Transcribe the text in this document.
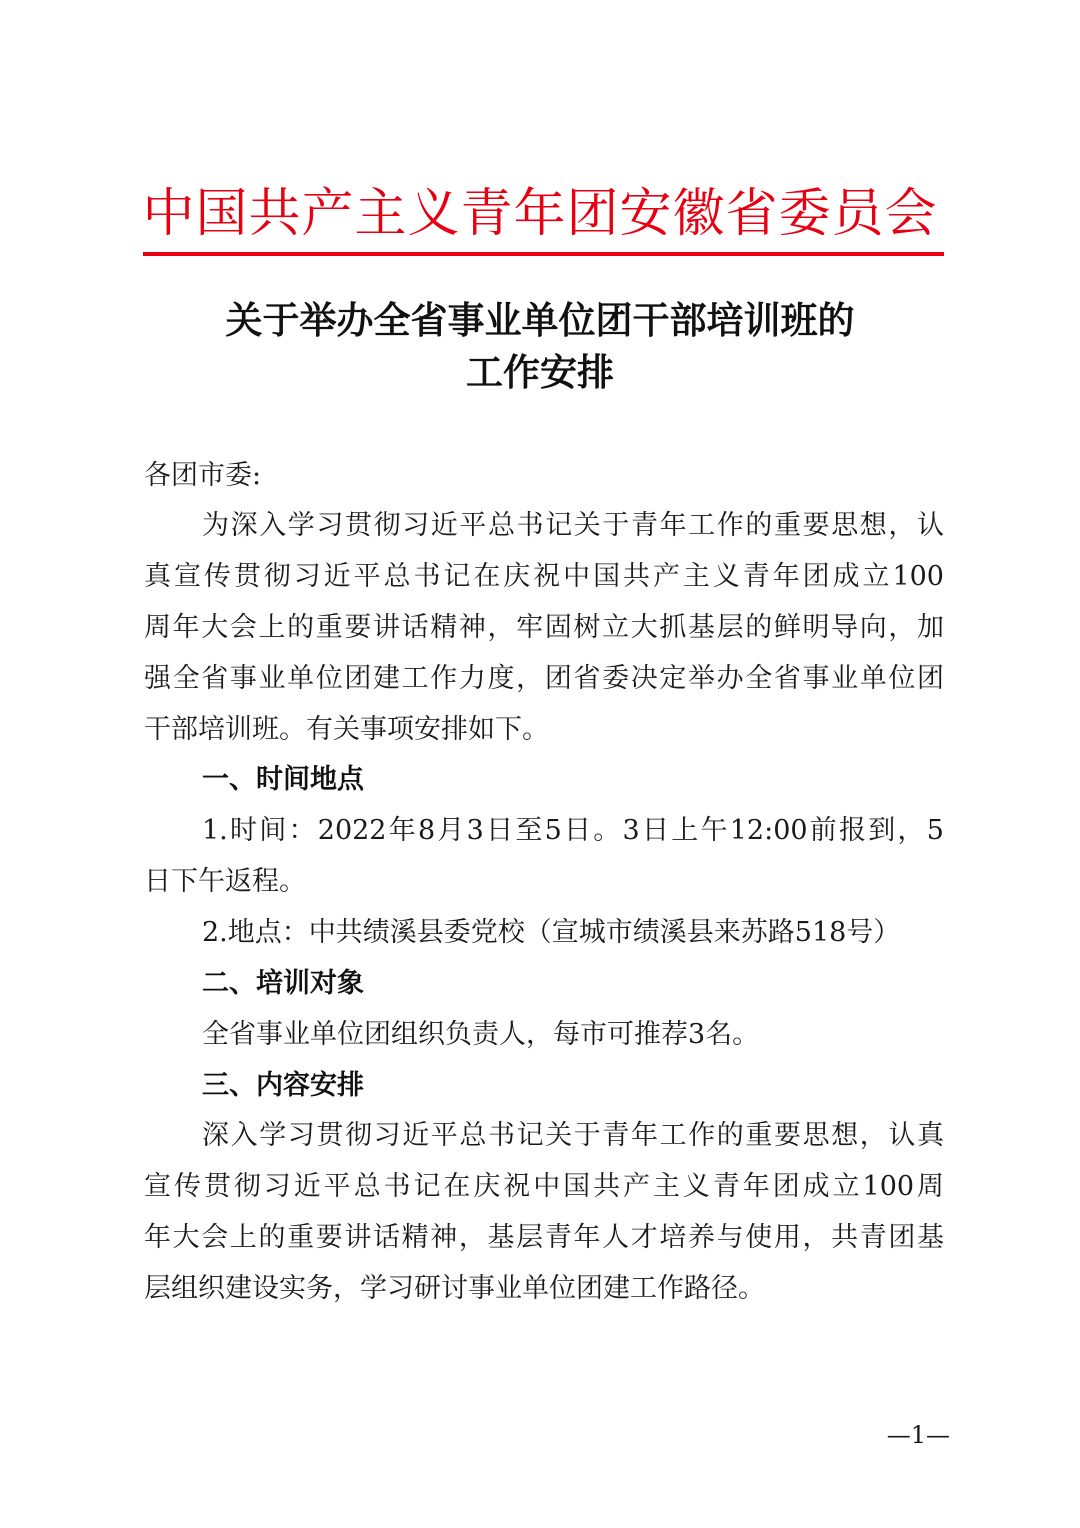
中国共产主义青年团安徽省委员会
关于举办全省事业单位团干部培训班的
工作安排
各团市委:
为深入学习贯彻习近平总书记关于青年工作的重要思想，认
真宣传贯彻习近平总书记在庆祝中国共产主义青年团成立100
周年大会上的重要讲话精神，牢固树立大抓基层的鲜明导向，加
强全省事业单位团建工作力度，团省委决定举办全省事业单位团
干部培训班。有关事项安排如下。
一、时间地点
1.时间：2022年8月3日至5日。3日上午12:00前报到，5
日下午返程。
2.地点：中共绩溪县委党校（宣城市绩溪县来苏路518号）
二、培训对象
全省事业单位团组织负责人，每市可推荐3名。
三、内容安排
深入学习贯彻习近平总书记关于青年工作的重要思想，认真
宣传贯彻习近平总书记在庆祝中国共产主义青年团成立100周
年大会上的重要讲话精神，基层青年人才培养与使用，共青团基
层组织建设实务，学习研讨事业单位团建工作路径。
—1—
